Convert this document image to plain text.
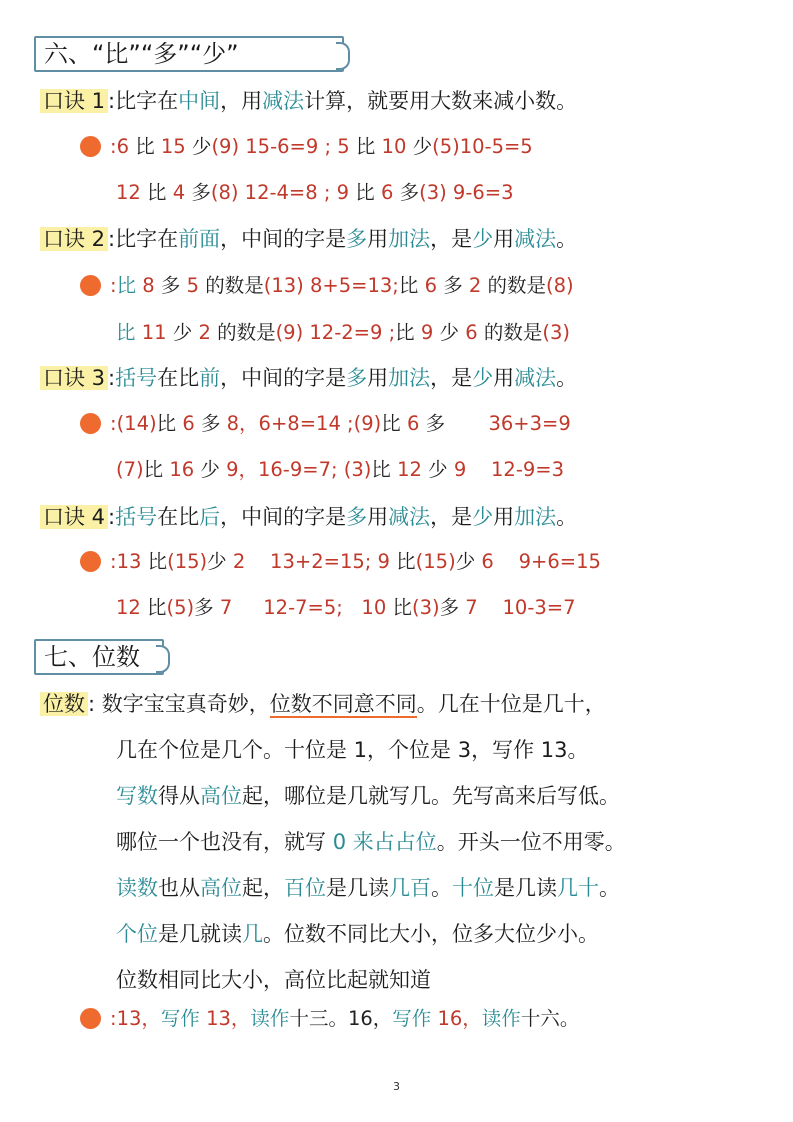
六、“比”“多”“少”
口诀 1 :比字在中间，用减法计算，就要用大数来减小数。
:6 比 15 少(9) 15-6=9 ; 5 比 10 少(5)10-5=5
12 比 4 多(8) 12-4=8 ; 9 比 6 多(3) 9-6=3
口诀 2 :比字在前面，中间的字是多用加法，是少用减法。
:比 8 多 5 的数是(13) 8+5=13;比 6 多 2 的数是(8)
比 11 少 2 的数是(9) 12-2=9 ;比 9 少 6 的数是(3)
口诀 3 :括号在比前，中间的字是多用加法，是少用减法。
:(14)比 6 多 8，6+8=14 ;(9)比 6 多       36+3=9
(7)比 16 少 9，16-9=7; (3)比 12 少 9    12-9=3
口诀 4 :括号在比后，中间的字是多用减法，是少用加法。
:13 比(15)少 2    13+2=15; 9 比(15)少 6    9+6=15
12 比(5)多 7     12-7=5;   10 比(3)多 7    10-3=7
七、位数
位数 : 数字宝宝真奇妙，位数不同意不同。几在十位是几十，
几在个位是几个。十位是 1，个位是 3，写作 13。
写数得从高位起，哪位是几就写几。先写高来后写低。
哪位一个也没有，就写 0 来占占位。开头一位不用零。
读数也从高位起，百位是几读几百。十位是几读几十。
个位是几就读几。位数不同比大小，位多大位少小。
位数相同比大小，高位比起就知道
:13，写作 13，读作十三。16，写作 16，读作十六。
3
